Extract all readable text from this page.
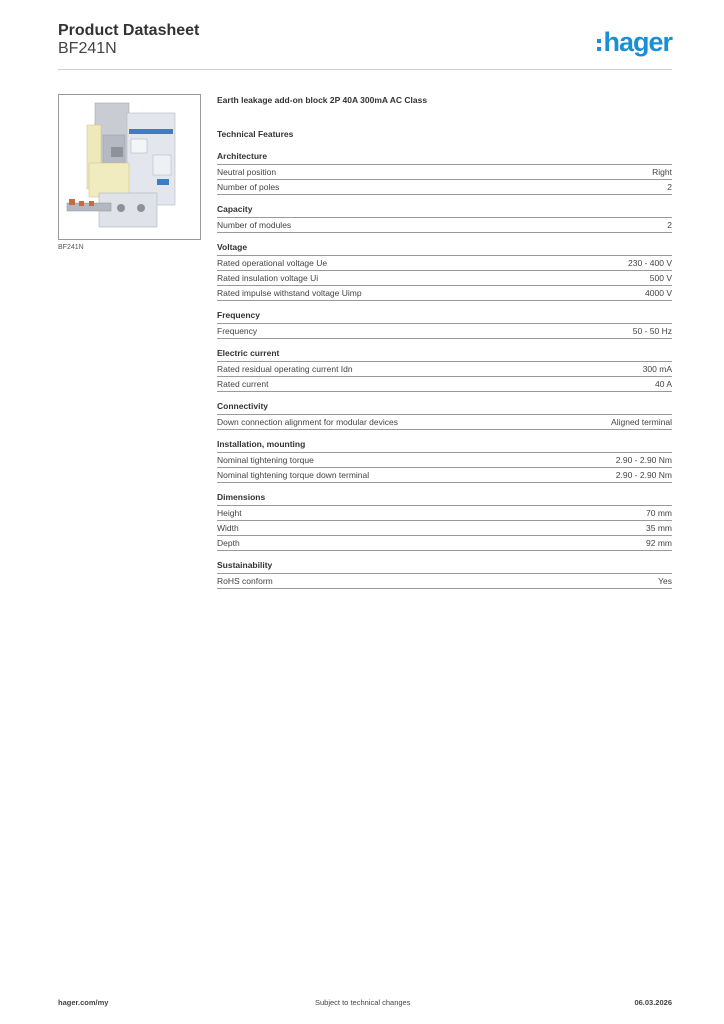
Product Datasheet
BF241N	hager
BF241N
Earth leakage add-on block 2P 40A 300mA AC Class
Technical Features
Architecture
Neutral position	Right
Number of poles	2
Capacity
Number of modules	2
Voltage
Rated operational voltage Ue	230 - 400 V
Rated insulation voltage Ui	500 V
Rated impulse withstand voltage Uimp	4000 V
Frequency
Frequency	50 - 50 Hz
Electric current
Rated residual operating current Idn	300 mA
Rated current	40 A
Connectivity
Down connection alignment for modular devices	Aligned terminal
Installation, mounting
Nominal tightening torque	2.90 - 2.90 Nm
Nominal tightening torque down terminal	2.90 - 2.90 Nm
Dimensions
Height	70 mm
Width	35 mm
Depth	92 mm
Sustainability
RoHS conform	Yes
hager.com/my	Subject to technical changes	06.03.2026
